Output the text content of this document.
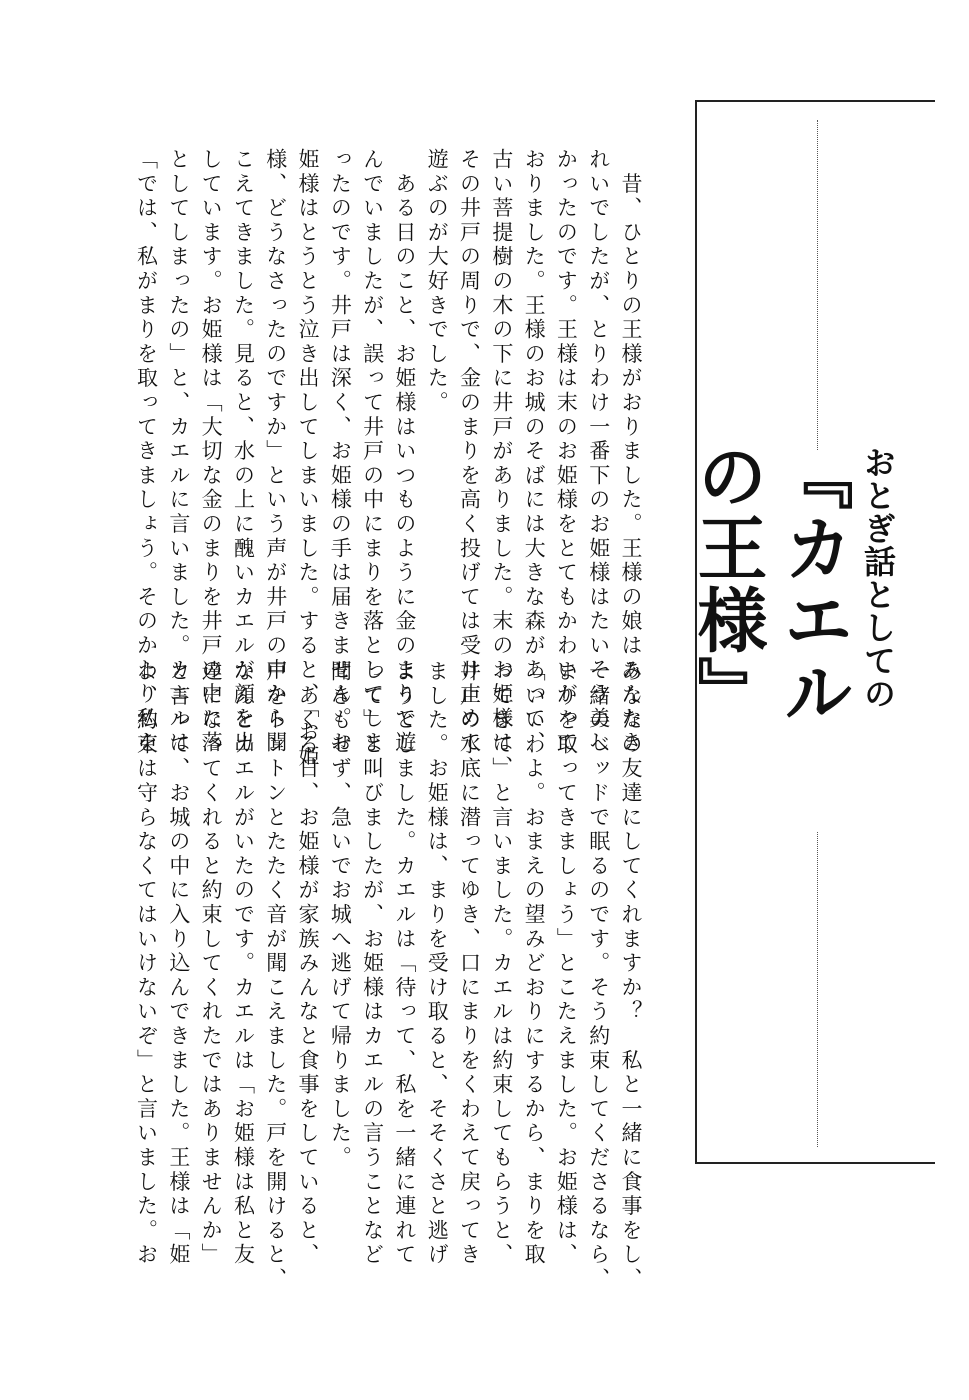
おとぎ話としての
『カエルの王様』

　昔、ひとりの王様がおりました。王様の娘はみんなき

れいでしたが、とりわけ一番下のお姫様はたいそう美し

かったのです。王様は末のお姫様をとてもかわいがって

おりました。王様のお城のそばには大きな森があって、

古い菩提樹の木の下に井戸がありました。末のお姫様は、

その井戸の周りで、金のまりを高く投げては受け止めて

遊ぶのが大好きでした。

　ある日のこと、お姫様はいつものように金のまりで遊

んでいましたが、誤って井戸の中にまりを落としてしま

ったのです。井戸は深く、お姫様の手は届きません。お

姫様はとうとう泣き出してしまいました。すると、「お姫

様、どうなさったのですか」という声が井戸の中から聞

こえてきました。見ると、水の上に醜いカエルが顔を出

しています。お姫様は「大切な金のまりを井戸の中に落

としてしまったの」と、カエルに言いました。カエルは

「では、私がまりを取ってきましょう。そのかわり私を

あなたの友達にしてくれますか？　私と一緒に食事をし、

一緒のベッドで眠るのです。そう約束してくださるなら、

まりを取ってきましょう」とこたえました。お姫様は、

「いいわよ。おまえの望みどおりにするから、まりを取

ってきて」と言いました。カエルは約束してもらうと、

井戸の水底に潜ってゆき、口にまりをくわえて戻ってき

ました。お姫様は、まりを受け取ると、そそくさと逃げ

ようとしました。カエルは「待って、私を一緒に連れて

って」と叫びましたが、お姫様はカエルの言うことなど

聞きもせず、急いでお城へ逃げて帰りました。

　あくる日、お姫様が家族みんなと食事をしていると、

戸をトントンとたたく音が聞こえました。戸を開けると、

なんとカエルがいたのです。カエルは「お姫様は私と友

達になってくれると約束してくれたではありませんか」

と言って、お城の中に入り込んできました。王様は「姫

よ、約束は守らなくてはいけないぞ」と言いました。お
